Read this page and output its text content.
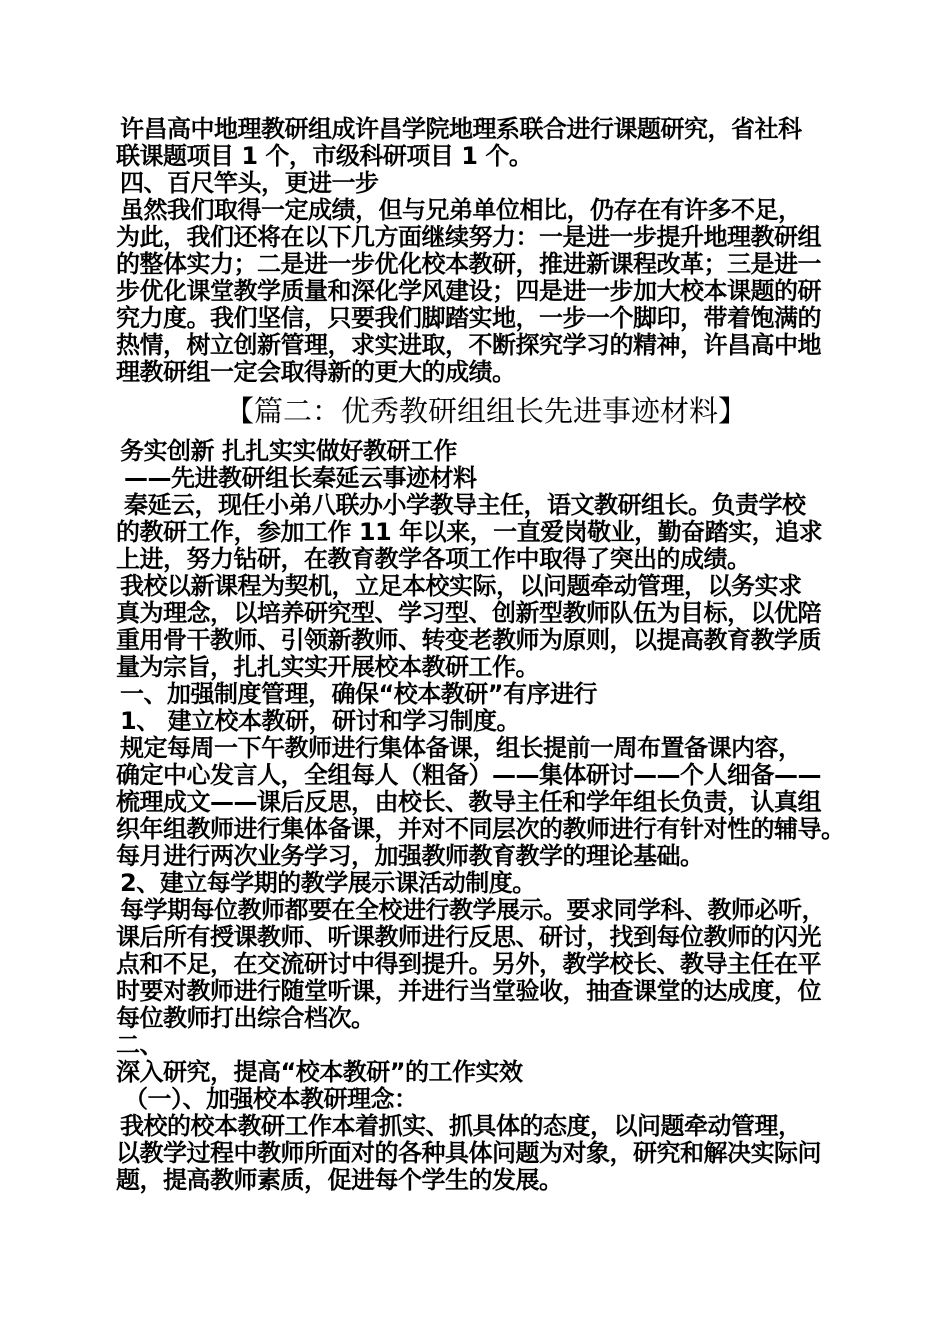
许昌高中地理教研组成许昌学院地理系联合进行课题研究，省社科
联课题项目 1 个，市级科研项目 1 个。
四、百尺竿头，更进一步
虽然我们取得一定成绩，但与兄弟单位相比，仍存在有许多不足，
为此，我们还将在以下几方面继续努力：一是进一步提升地理教研组
的整体实力；二是进一步优化校本教研，推进新课程改革；三是进一
步优化课堂教学质量和深化学风建设；四是进一步加大校本课题的研
究力度。我们坚信，只要我们脚踏实地，一步一个脚印，带着饱满的
热情，树立创新管理，求实进取，不断探究学习的精神，许昌高中地
理教研组一定会取得新的更大的成绩。
【篇二：优秀教研组组长先进事迹材料】
务实创新 扎扎实实做好教研工作
——先进教研组长秦延云事迹材料
秦延云，现任小弟八联办小学教导主任，语文教研组长。负责学校
的教研工作，参加工作 11 年以来，一直爱岗敬业，勤奋踏实，追求
上进，努力钻研，在教育教学各项工作中取得了突出的成绩。
我校以新课程为契机，立足本校实际，以问题牵动管理，以务实求
真为理念，以培养研究型、学习型、创新型教师队伍为目标，以优陪
重用骨干教师、引领新教师、转变老教师为原则，以提高教育教学质
量为宗旨，扎扎实实开展校本教研工作。
一、加强制度管理，确保“校本教研”有序进行
1、 建立校本教研，研讨和学习制度。
规定每周一下午教师进行集体备课，组长提前一周布置备课内容，
确定中心发言人，全组每人（粗备）——集体研讨——个人细备——
梳理成文——课后反思，由校长、教导主任和学年组长负责，认真组
织年组教师进行集体备课，并对不同层次的教师进行有针对性的辅导。
每月进行两次业务学习，加强教师教育教学的理论基础。
2、建立每学期的教学展示课活动制度。
每学期每位教师都要在全校进行教学展示。要求同学科、教师必听，
课后所有授课教师、听课教师进行反思、研讨，找到每位教师的闪光
点和不足，在交流研讨中得到提升。另外，教学校长、教导主任在平
时要对教师进行随堂听课，并进行当堂验收，抽查课堂的达成度，位
每位教师打出综合档次。
二、
深入研究，提高“校本教研”的工作实效
（一）、加强校本教研理念：
我校的校本教研工作本着抓实、抓具体的态度，以问题牵动管理，
以教学过程中教师所面对的各种具体问题为对象，研究和解决实际问
题，提高教师素质，促进每个学生的发展。
